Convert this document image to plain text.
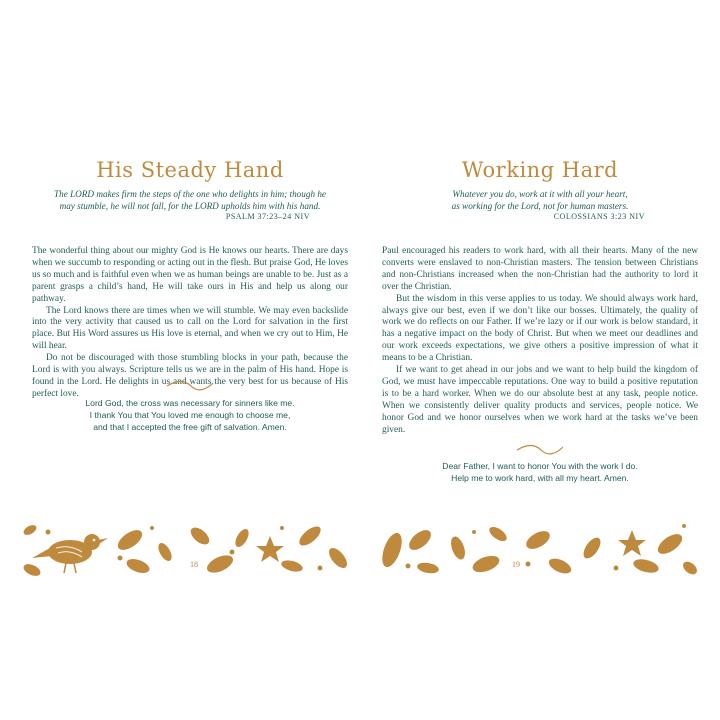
His Steady Hand
The LORD makes firm the steps of the one who delights in him; though he
may stumble, he will not fall, for the LORD upholds him with his hand.
PSALM 37:23–24 NIV

The wonderful thing about our mighty God is He knows our hearts. There are days when we succumb to responding or acting out in the flesh. But praise God, He loves us so much and is faithful even when we as human beings are unable to be. Just as a parent grasps a child’s hand, He will take ours in His and help us along our pathway.

The Lord knows there are times when we will stumble. We may even backslide into the very activity that caused us to call on the Lord for salvation in the first place. But His Word assures us His love is eternal, and when we cry out to Him, He will hear.

Do not be discouraged with those stumbling blocks in your path, because the Lord is with you always. Scripture tells us we are in the palm of His hand. Hope is found in the Lord. He delights in us and wants the very best for us because of His perfect love.

Lord God, the cross was necessary for sinners like me.
I thank You that You loved me enough to choose me,
and that I accepted the free gift of salvation. Amen.
18
Working Hard
Whatever you do, work at it with all your heart,
as working for the Lord, not for human masters.
COLOSSIANS 3:23 NIV

Paul encouraged his readers to work hard, with all their hearts. Many of the new converts were enslaved to non-Christian masters. The tension between Christians and non-Christians increased when the non-Christian had the authority to lord it over the Christian.

But the wisdom in this verse applies to us today. We should always work hard, always give our best, even if we don’t like our bosses. Ultimately, the quality of work we do reflects on our Father. If we’re lazy or if our work is below standard, it has a negative impact on the body of Christ. But when we meet our deadlines and our work exceeds expectations, we give others a positive impression of what it means to be a Christian.

If we want to get ahead in our jobs and we want to help build the kingdom of God, we must have impeccable reputations. One way to build a positive reputation is to be a hard worker. When we do our absolute best at any task, people notice. When we consistently deliver quality products and services, people notice. We honor God and we honor ourselves when we work hard at the tasks we’ve been given.

Dear Father, I want to honor You with the work I do.
Help me to work hard, with all my heart. Amen.
19
